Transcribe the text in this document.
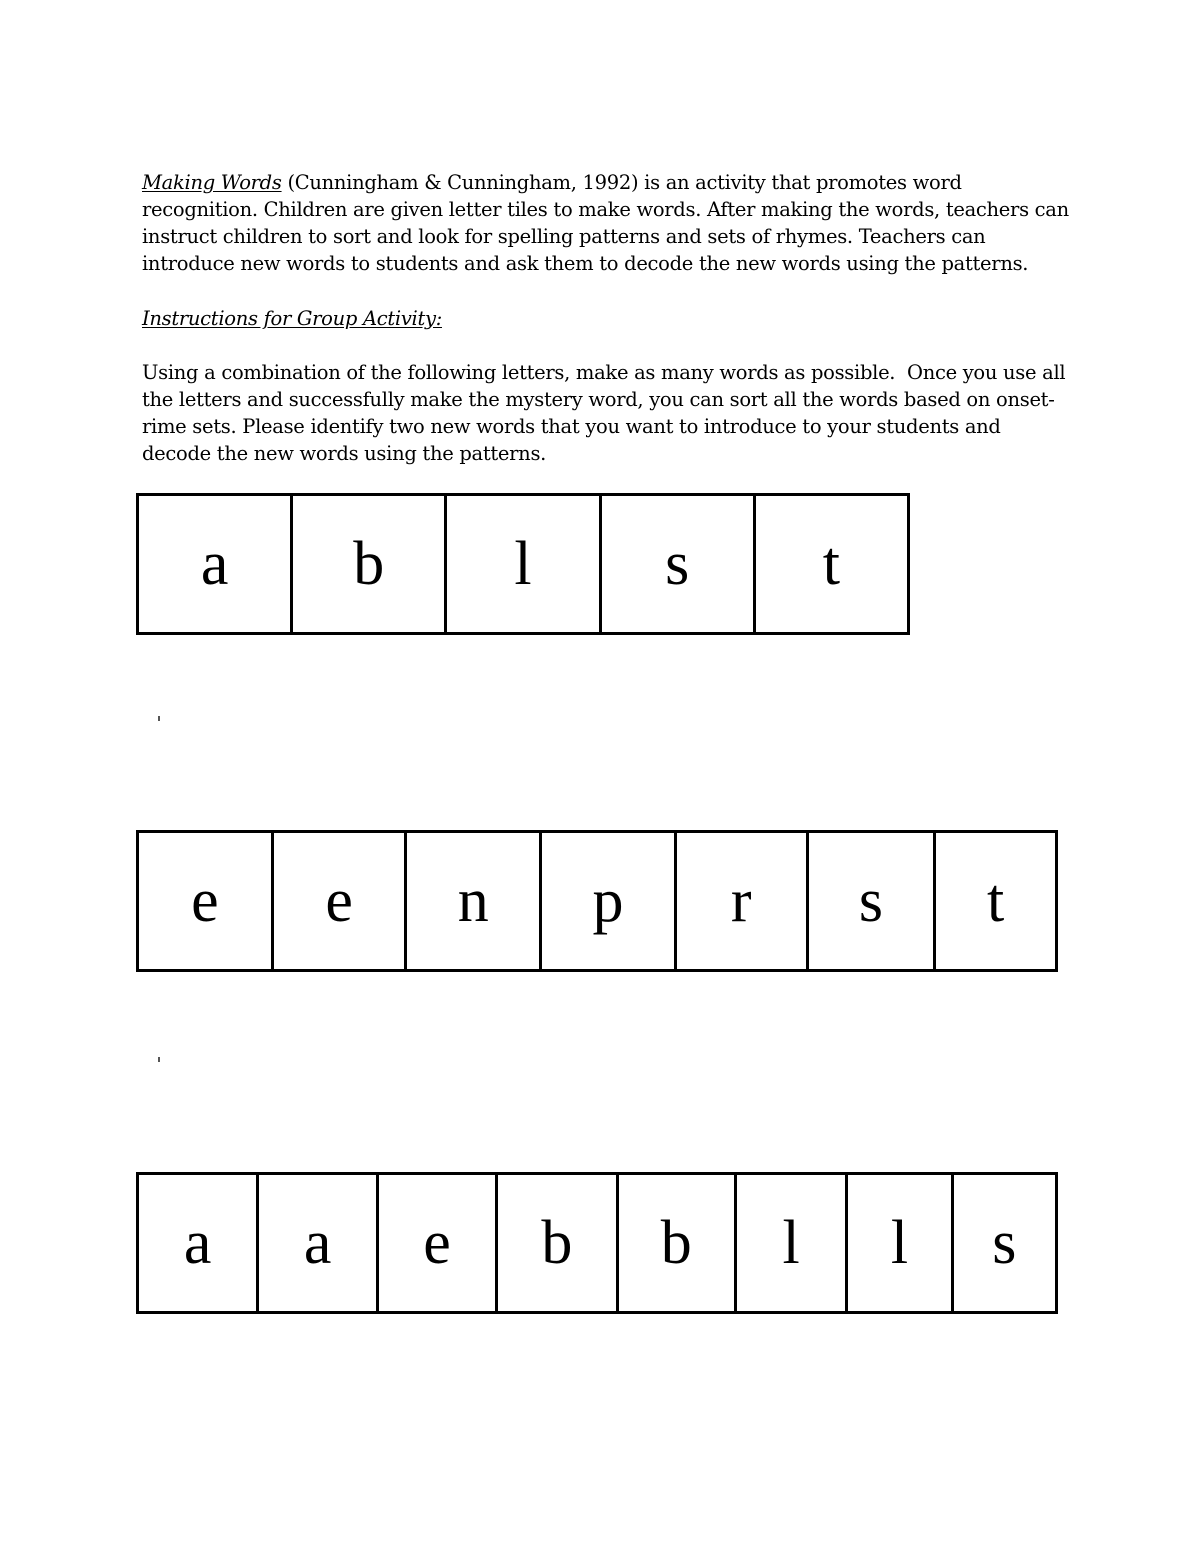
Making Words (Cunningham & Cunningham, 1992) is an activity that promotes word recognition. Children are given letter tiles to make words. After making the words, teachers can instruct children to sort and look for spelling patterns and sets of rhymes. Teachers can introduce new words to students and ask them to decode the new words using the patterns.

Instructions for Group Activity:

Using a combination of the following letters, make as many words as possible.  Once you use all the letters and successfully make the mystery word, you can sort all the words based on onset-rime sets. Please identify two new words that you want to introduce to your students and decode the new words using the patterns.

a	b	l	s	t
e	e	n	p	r	s	t
a	a	e	b	b	l	l	s
